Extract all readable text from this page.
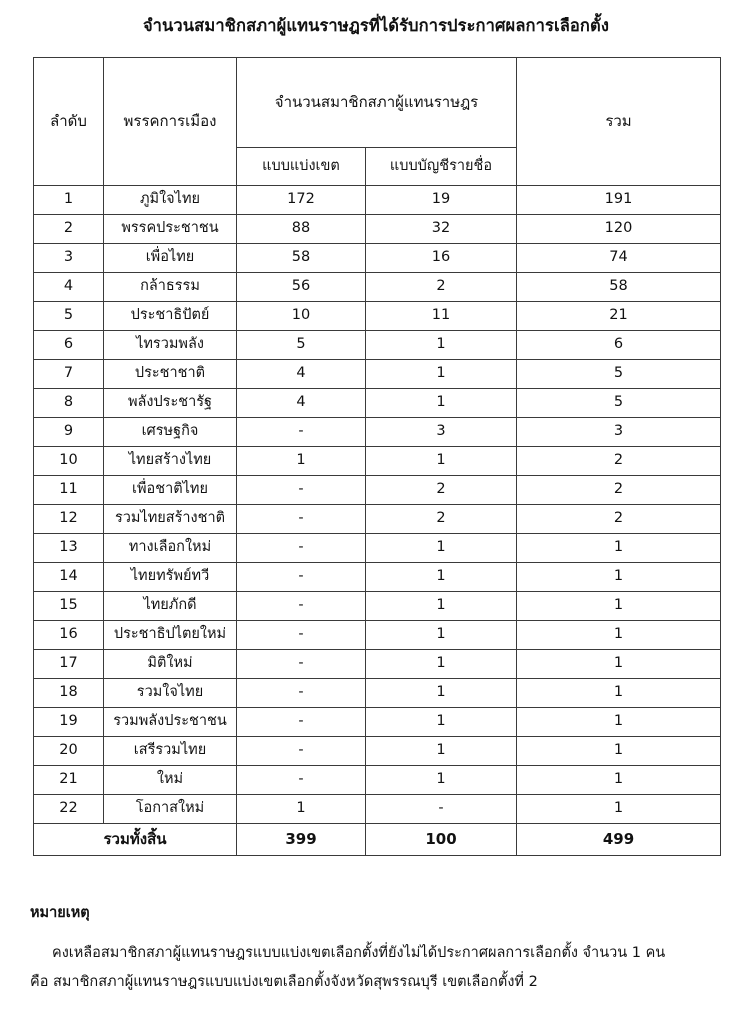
จำนวนสมาชิกสภาผู้แทนราษฎรที่ได้รับการประกาศผลการเลือกตั้ง
ลำดับ	พรรคการเมือง	จำนวนสมาชิกสภาผู้แทนราษฎร		รวม
		แบบแบ่งเขต	แบบบัญชีรายชื่อ	
1	ภูมิใจไทย	172	19	191
2	พรรคประชาชน	88	32	120
3	เพื่อไทย	58	16	74
4	กล้าธรรม	56	2	58
5	ประชาธิปัตย์	10	11	21
6	ไทรวมพลัง	5	1	6
7	ประชาชาติ	4	1	5
8	พลังประชารัฐ	4	1	5
9	เศรษฐกิจ	-	3	3
10	ไทยสร้างไทย	1	1	2
11	เพื่อชาติไทย	-	2	2
12	รวมไทยสร้างชาติ	-	2	2
13	ทางเลือกใหม่	-	1	1
14	ไทยทรัพย์ทวี	-	1	1
15	ไทยภักดี	-	1	1
16	ประชาธิปไตยใหม่	-	1	1
17	มิติใหม่	-	1	1
18	รวมใจไทย	-	1	1
19	รวมพลังประชาชน	-	1	1
20	เสรีรวมไทย	-	1	1
21	ใหม่	-	1	1
22	โอกาสใหม่	1	-	1
รวมทั้งสิ้น		399	100	499
หมายเหตุ
คงเหลือสมาชิกสภาผู้แทนราษฎรแบบแบ่งเขตเลือกตั้งที่ยังไม่ได้ประกาศผลการเลือกตั้ง จำนวน 1 คน
คือ สมาชิกสภาผู้แทนราษฎรแบบแบ่งเขตเลือกตั้งจังหวัดสุพรรณบุรี เขตเลือกตั้งที่ 2
